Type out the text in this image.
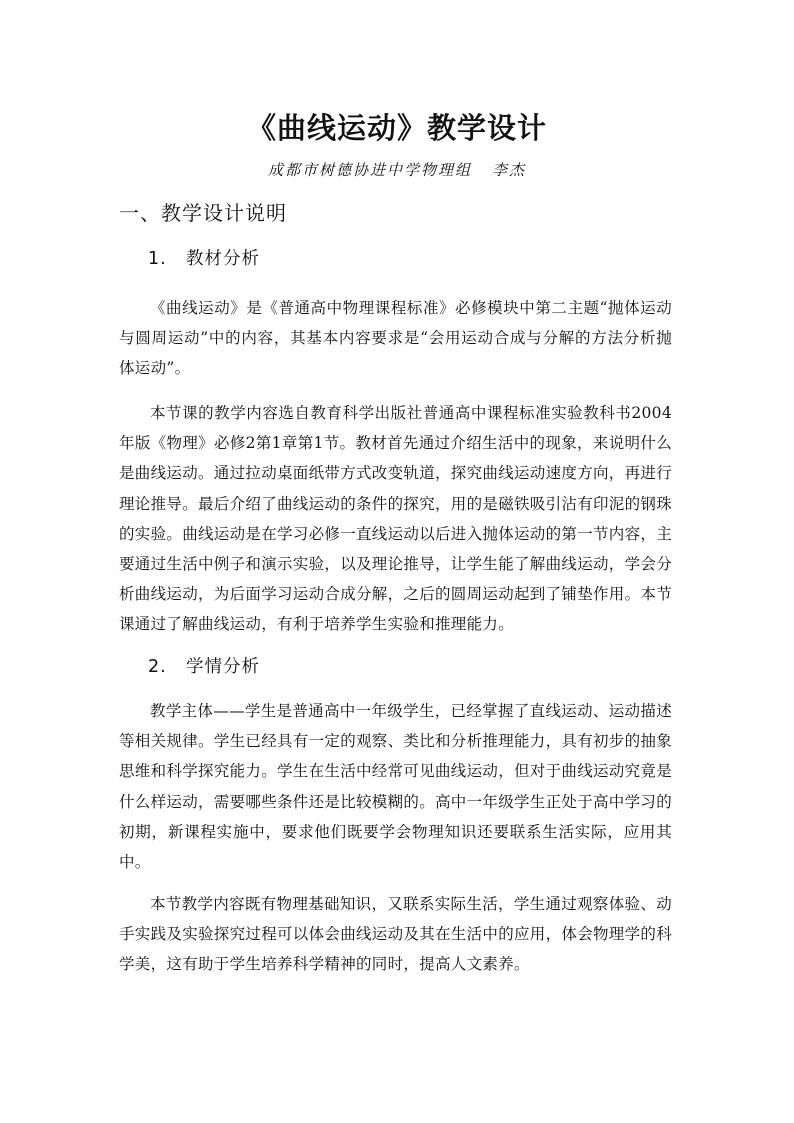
《曲线运动》教学设计
成都市树德协进中学物理组 李杰
一、教学设计说明
1. 教材分析

《曲线运动》是《普通高中物理课程标准》必修模块中第二主题“抛体运动与圆周运动”中的内容，其基本内容要求是“会用运动合成与分解的方法分析抛体运动”。

本节课的教学内容选自教育科学出版社普通高中课程标准实验教科书2004年版《物理》必修2第1章第1节。教材首先通过介绍生活中的现象，来说明什么是曲线运动。通过拉动桌面纸带方式改变轨道，探究曲线运动速度方向，再进行理论推导。最后介绍了曲线运动的条件的探究，用的是磁铁吸引沾有印泥的钢珠的实验。曲线运动是在学习必修一直线运动以后进入抛体运动的第一节内容，主要通过生活中例子和演示实验，以及理论推导，让学生能了解曲线运动，学会分析曲线运动，为后面学习运动合成分解，之后的圆周运动起到了铺垫作用。本节课通过了解曲线运动，有利于培养学生实验和推理能力。

2. 学情分析

教学主体——学生是普通高中一年级学生，已经掌握了直线运动、运动描述等相关规律。学生已经具有一定的观察、类比和分析推理能力，具有初步的抽象思维和科学探究能力。学生在生活中经常可见曲线运动，但对于曲线运动究竟是什么样运动，需要哪些条件还是比较模糊的。高中一年级学生正处于高中学习的初期，新课程实施中，要求他们既要学会物理知识还要联系生活实际，应用其中。

本节教学内容既有物理基础知识，又联系实际生活，学生通过观察体验、动手实践及实验探究过程可以体会曲线运动及其在生活中的应用，体会物理学的科学美，这有助于学生培养科学精神的同时，提高人文素养。
